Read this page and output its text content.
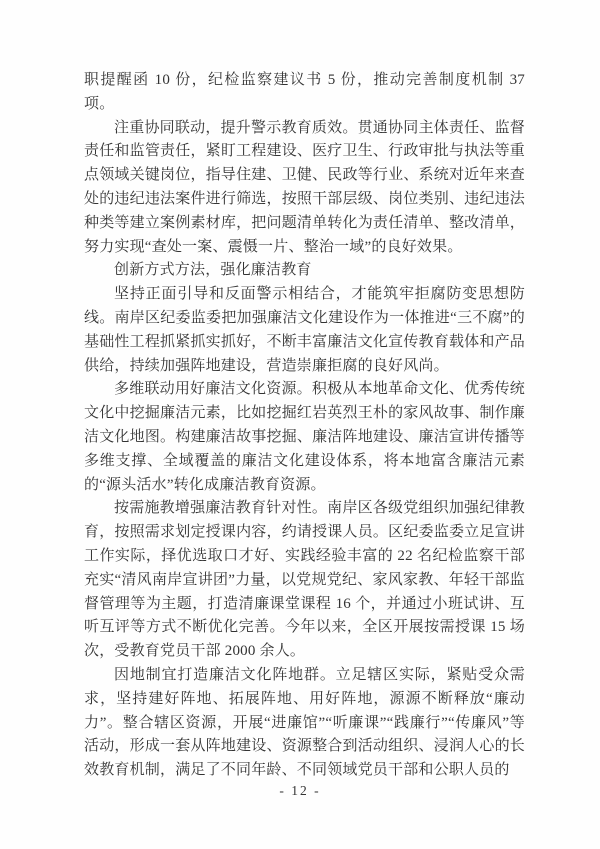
职提醒函 10 份，纪检监察建议书 5 份，推动完善制度机制 37 项。

注重协同联动，提升警示教育质效。贯通协同主体责任、监督责任和监管责任，紧盯工程建设、医疗卫生、行政审批与执法等重点领域关键岗位，指导住建、卫健、民政等行业、系统对近年来查处的违纪违法案件进行筛选，按照干部层级、岗位类别、违纪违法种类等建立案例素材库，把问题清单转化为责任清单、整改清单，努力实现“查处一案、震慑一片、整治一域”的良好效果。

创新方式方法，强化廉洁教育

坚持正面引导和反面警示相结合，才能筑牢拒腐防变思想防线。南岸区纪委监委把加强廉洁文化建设作为一体推进“三不腐”的基础性工程抓紧抓实抓好，不断丰富廉洁文化宣传教育载体和产品供给，持续加强阵地建设，营造崇廉拒腐的良好风尚。

多维联动用好廉洁文化资源。积极从本地革命文化、优秀传统文化中挖掘廉洁元素，比如挖掘红岩英烈王朴的家风故事、制作廉洁文化地图。构建廉洁故事挖掘、廉洁阵地建设、廉洁宣讲传播等多维支撑、全域覆盖的廉洁文化建设体系，将本地富含廉洁元素的“源头活水”转化成廉洁教育资源。

按需施教增强廉洁教育针对性。南岸区各级党组织加强纪律教育，按照需求划定授课内容，约请授课人员。区纪委监委立足宣讲工作实际，择优选取口才好、实践经验丰富的 22 名纪检监察干部充实“清风南岸宣讲团”力量，以党规党纪、家风家教、年轻干部监督管理等为主题，打造清廉课堂课程 16 个，并通过小班试讲、互听互评等方式不断优化完善。今年以来，全区开展按需授课 15 场次，受教育党员干部 2000 余人。

因地制宜打造廉洁文化阵地群。立足辖区实际，紧贴受众需求，坚持建好阵地、拓展阵地、用好阵地，源源不断释放“廉动力”。整合辖区资源，开展“进廉馆”“听廉课”“践廉行”“传廉风”等活动，形成一套从阵地建设、资源整合到活动组织、浸润人心的长效教育机制，满足了不同年龄、不同领域党员干部和公职人员的

- 12 -
